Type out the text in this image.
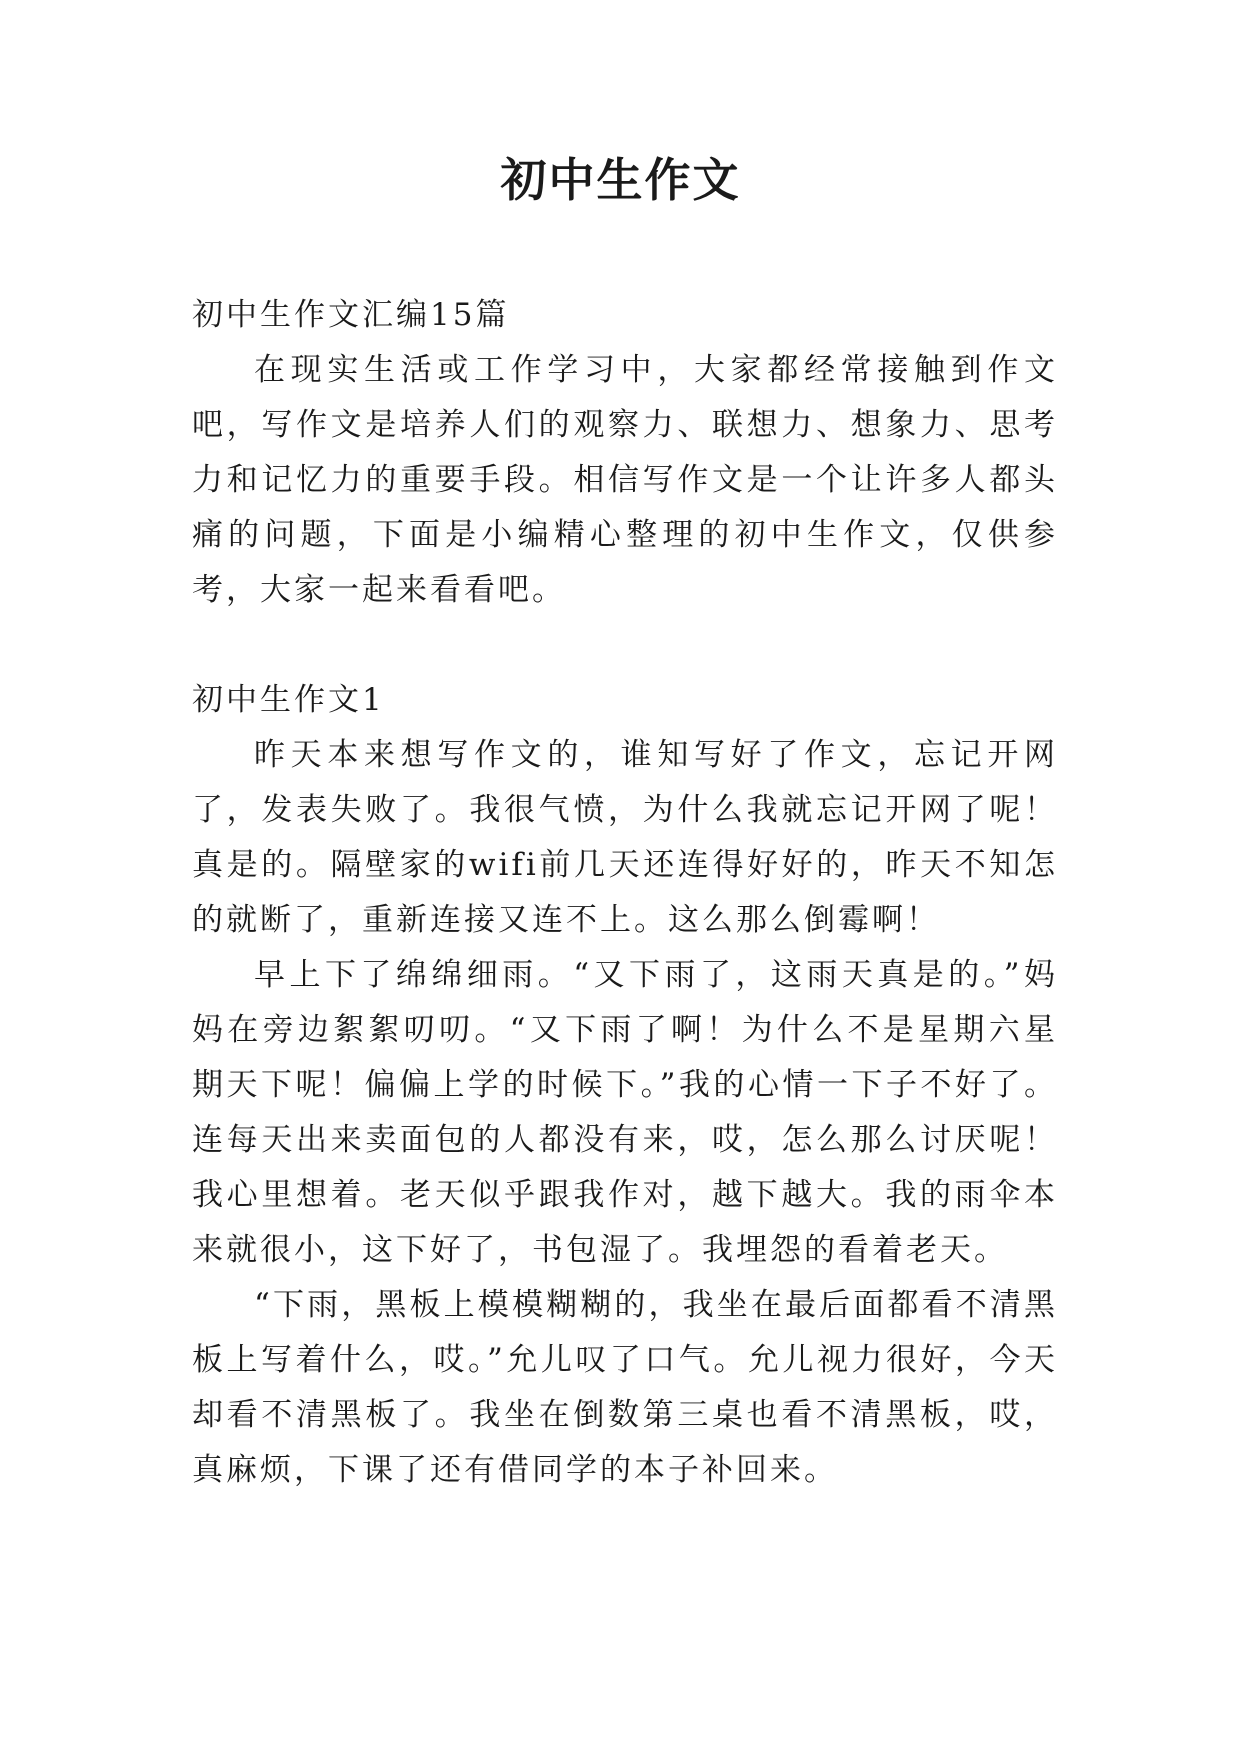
初中生作文

初中生作文汇编15篇

在现实生活或工作学习中，大家都经常接触到作文吧，写作文是培养人们的观察力、联想力、想象力、思考力和记忆力的重要手段。相信写作文是一个让许多人都头痛的问题，下面是小编精心整理的初中生作文，仅供参考，大家一起来看看吧。

初中生作文1

昨天本来想写作文的，谁知写好了作文，忘记开网了，发表失败了。我很气愤，为什么我就忘记开网了呢！真是的。隔壁家的wifi前几天还连得好好的，昨天不知怎的就断了，重新连接又连不上。这么那么倒霉啊！

早上下了绵绵细雨。“又下雨了，这雨天真是的。”妈妈在旁边絮絮叨叨。“又下雨了啊！为什么不是星期六星期天下呢！偏偏上学的时候下。”我的心情一下子不好了。连每天出来卖面包的人都没有来，哎，怎么那么讨厌呢！我心里想着。老天似乎跟我作对，越下越大。我的雨伞本来就很小，这下好了，书包湿了。我埋怨的看着老天。

“下雨，黑板上模模糊糊的，我坐在最后面都看不清黑板上写着什么，哎。”允儿叹了口气。允儿视力很好，今天却看不清黑板了。我坐在倒数第三桌也看不清黑板，哎，真麻烦，下课了还有借同学的本子补回来。
